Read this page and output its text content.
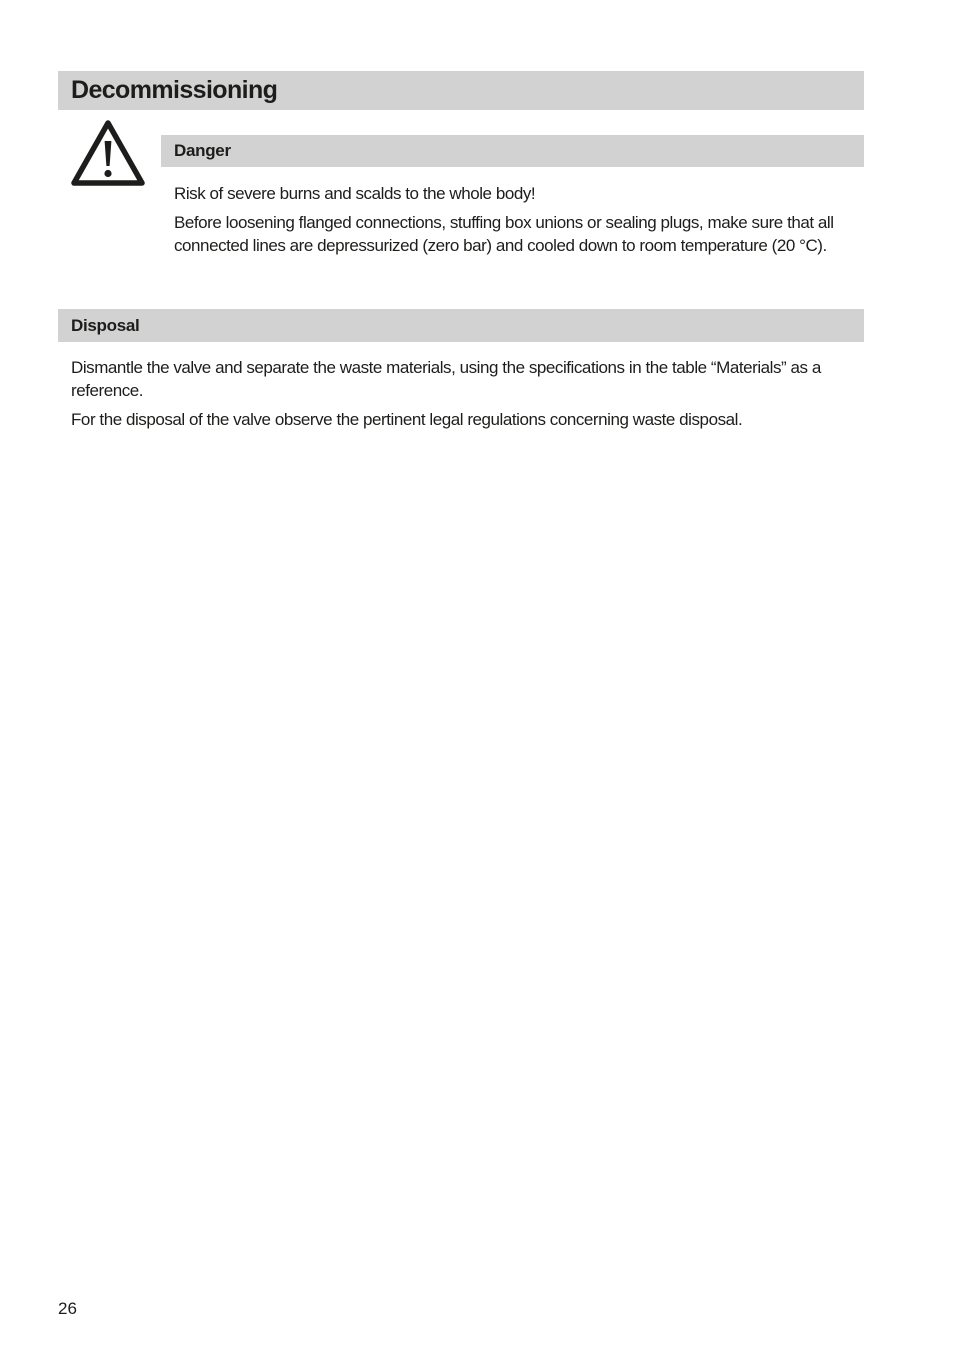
Decommissioning
Danger

Risk of severe burns and scalds to the whole body!

Before loosening flanged connections, stuffing box unions or sealing plugs, make sure that all connected lines are depressurized (zero bar) and cooled down to room temperature (20 °C).

Disposal

Dismantle the valve and separate the waste materials, using the specifications in the table “Materials” as a reference.

For the disposal of the valve observe the pertinent legal regulations concerning waste disposal.

26
